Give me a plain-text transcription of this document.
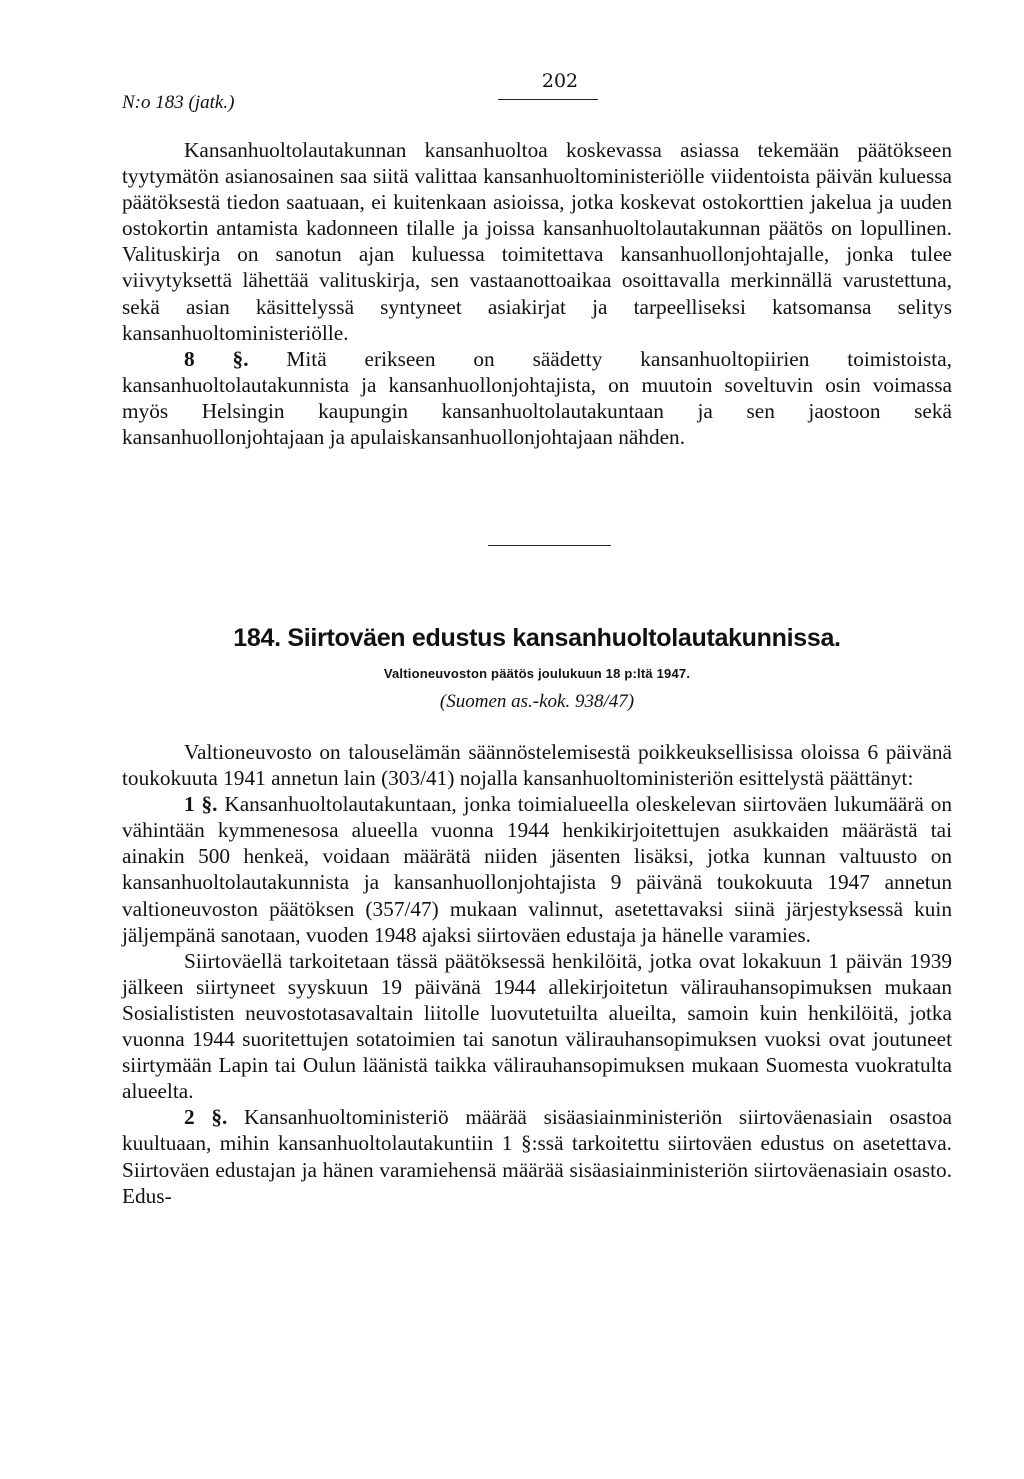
N:o 183 (jatk.)
202

Kansanhuoltolautakunnan kansanhuoltoa koskevassa asiassa tekemään päätökseen tyytymätön asianosainen saa siitä valittaa kansanhuoltoministeriölle viidentoista päivän kuluessa päätöksestä tiedon saatuaan, ei kuitenkaan asioissa, jotka koskevat ostokorttien jakelua ja uuden ostokortin antamista kadonneen tilalle ja joissa kansanhuoltolautakunnan päätös on lopullinen. Valituskirja on sanotun ajan kuluessa toimitettava kansanhuollonjohtajalle, jonka tulee viivytyksettä lähettää valituskirja, sen vastaanottoaikaa osoittavalla merkinnällä varustettuna, sekä asian käsittelyssä syntyneet asiakirjat ja tarpeelliseksi katsomansa selitys kansanhuoltoministeriölle.

8 §. Mitä erikseen on säädetty kansanhuoltopiirien toimistoista, kansanhuoltolautakunnista ja kansanhuollonjohtajista, on muutoin soveltuvin osin voimassa myös Helsingin kaupungin kansanhuoltolautakuntaan ja sen jaostoon sekä kansanhuollonjohtajaan ja apulaiskansanhuollonjohtajaan nähden.

184. Siirtoväen edustus kansanhuoltolautakunnissa.
Valtioneuvoston päätös joulukuun 18 p:ltä 1947.
(Suomen as.-kok. 938/47)

Valtioneuvosto on talouselämän säännöstelemisestä poikkeuksellisissa oloissa 6 päivänä toukokuuta 1941 annetun lain (303/41) nojalla kansanhuoltoministeriön esittelystä päättänyt:

1 §. Kansanhuoltolautakuntaan, jonka toimialueella oleskelevan siirtoväen lukumäärä on vähintään kymmenesosa alueella vuonna 1944 henkikirjoitettujen asukkaiden määrästä tai ainakin 500 henkeä, voidaan määrätä niiden jäsenten lisäksi, jotka kunnan valtuusto on kansanhuoltolautakunnista ja kansanhuollonjohtajista 9 päivänä toukokuuta 1947 annetun valtioneuvoston päätöksen (357/47) mukaan valinnut, asetettavaksi siinä järjestyksessä kuin jäljempänä sanotaan, vuoden 1948 ajaksi siirtoväen edustaja ja hänelle varamies.

Siirtoväellä tarkoitetaan tässä päätöksessä henkilöitä, jotka ovat lokakuun 1 päivän 1939 jälkeen siirtyneet syyskuun 19 päivänä 1944 allekirjoitetun välirauhansopimuksen mukaan Sosialististen neuvostotasavaltain liitolle luovutetuilta alueilta, samoin kuin henkilöitä, jotka vuonna 1944 suoritettujen sotatoimien tai sanotun välirauhansopimuksen vuoksi ovat joutuneet siirtymään Lapin tai Oulun läänistä taikka välirauhansopimuksen mukaan Suomesta vuokratulta alueelta.

2 §. Kansanhuoltoministeriö määrää sisäasiainministeriön siirtoväenasiain osastoa kuultuaan, mihin kansanhuoltolautakuntiin 1 §:ssä tarkoitettu siirtoväen edustus on asetettava. Siirtoväen edustajan ja hänen varamiehensä määrää sisäasiainministeriön siirtoväenasiain osasto. Edus-
